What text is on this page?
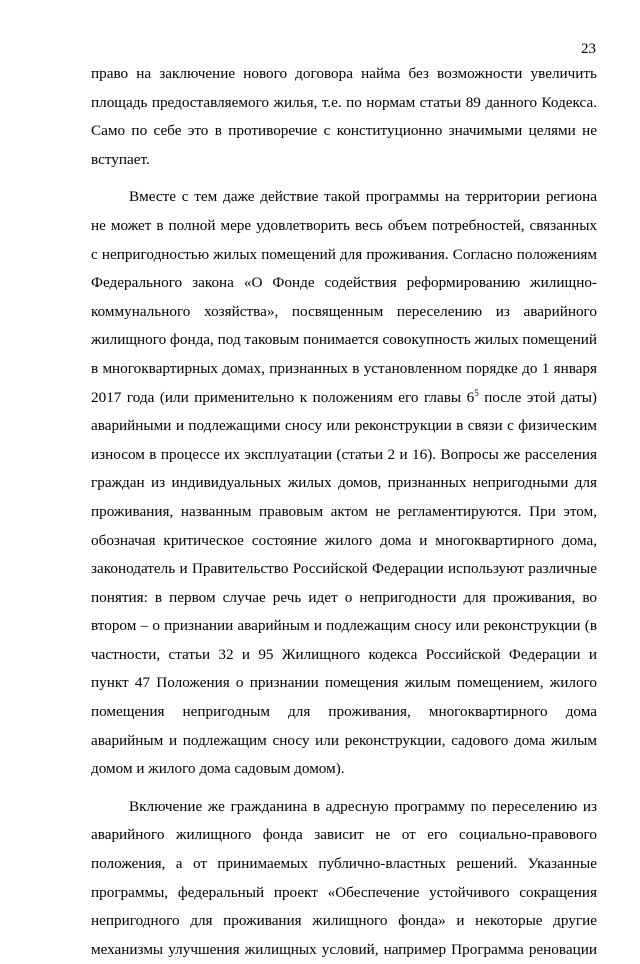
23
право на заключение нового договора найма без возможности увеличить
площадь предоставляемого жилья, т.е. по нормам статьи 89 данного Кодекса.
Само по себе это в противоречие с конституционно значимыми целями не
вступает.
Вместе с тем даже действие такой программы на территории региона
не может в полной мере удовлетворить весь объем потребностей, связанных
с непригодностью жилых помещений для проживания. Согласно положениям
Федерального закона «О Фонде содействия реформированию жилищно-
коммунального хозяйства», посвященным переселению из аварийного
жилищного фонда, под таковым понимается совокупность жилых помещений
в многоквартирных домах, признанных в установленном порядке до 1 января
2017 года (или применительно к положениям его главы $6^5$ после этой даты)
аварийными и подлежащими сносу или реконструкции в связи с физическим
износом в процессе их эксплуатации (статьи 2 и 16). Вопросы же расселения
граждан из индивидуальных жилых домов, признанных непригодными для
проживания, названным правовым актом не регламентируются. При этом,
обозначая критическое состояние жилого дома и многоквартирного дома,
законодатель и Правительство Российской Федерации используют различные
понятия: в первом случае речь идет о непригодности для проживания, во
втором – о признании аварийным и подлежащим сносу или реконструкции (в
частности, статьи 32 и 95 Жилищного кодекса Российской Федерации и
пункт 47 Положения о признании помещения жилым помещением, жилого
помещения непригодным для проживания, многоквартирного дома
аварийным и подлежащим сносу или реконструкции, садового дома жилым
домом и жилого дома садовым домом).
Включение же гражданина в адресную программу по переселению из
аварийного жилищного фонда зависит не от его социально-правового
положения, а от принимаемых публично-властных решений. Указанные
программы, федеральный проект «Обеспечение устойчивого сокращения
непригодного для проживания жилищного фонда» и некоторые другие
механизмы улучшения жилищных условий, например Программа реновации
